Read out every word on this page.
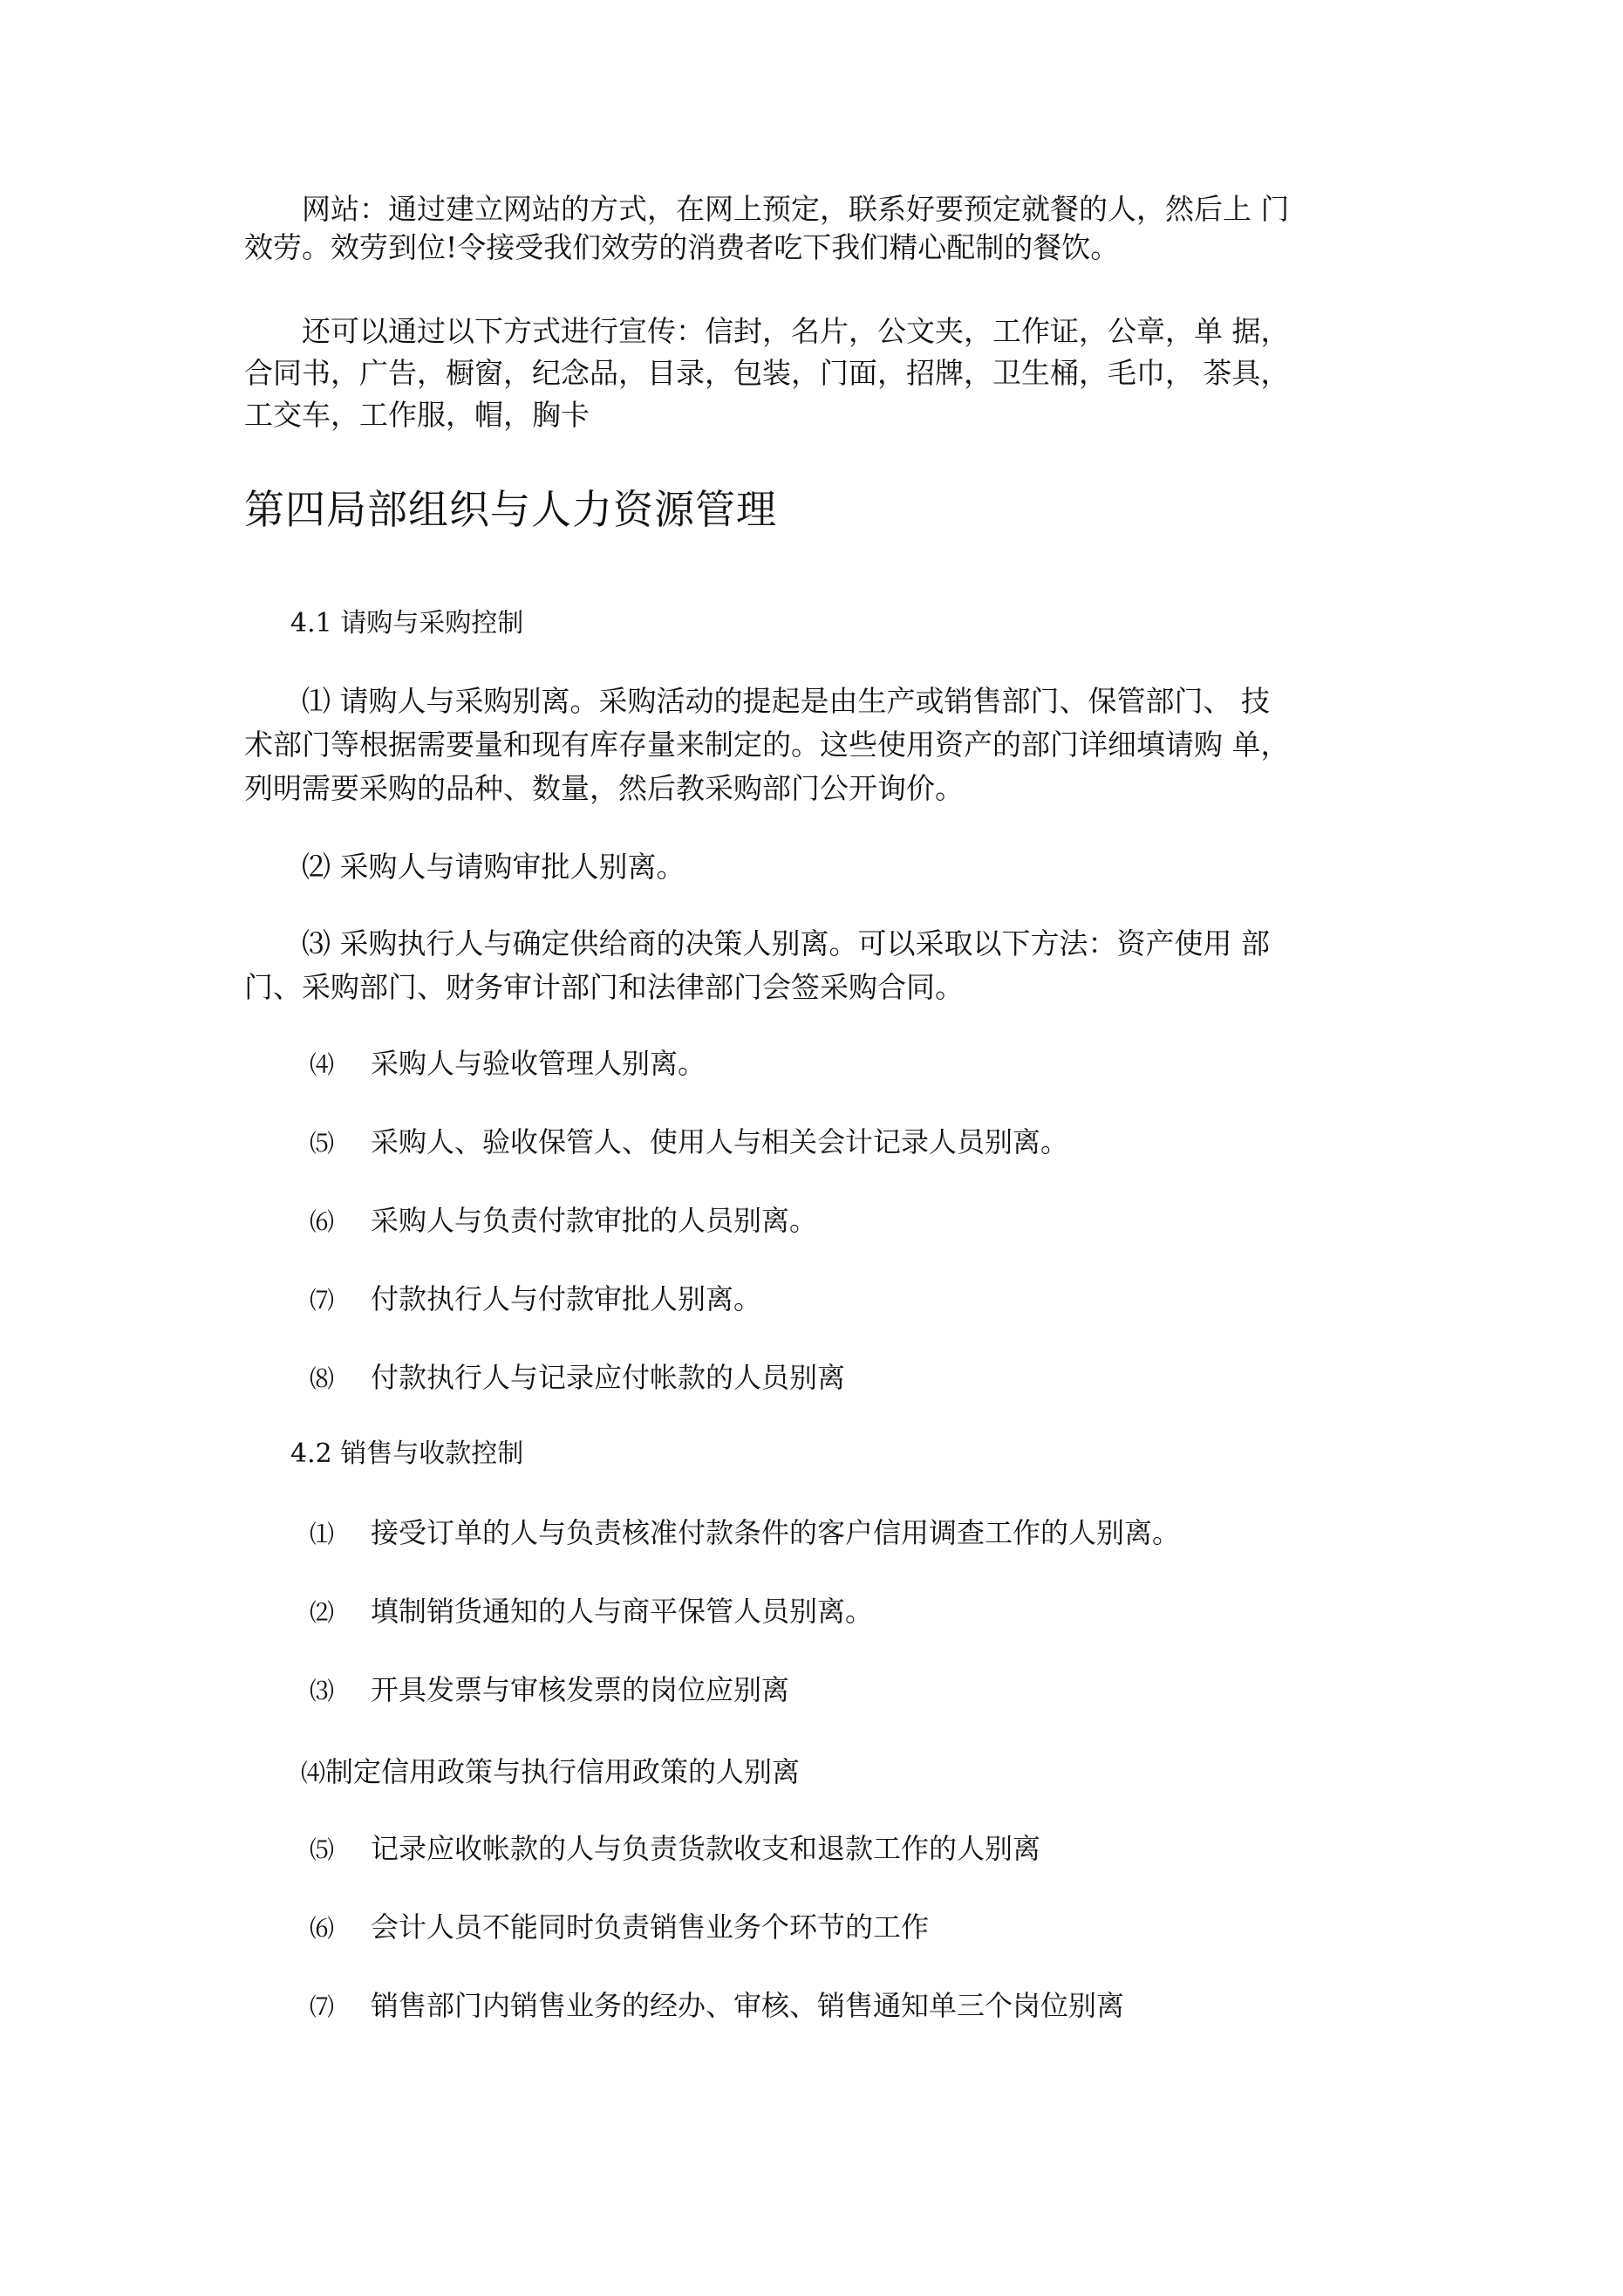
　　网站：通过建立网站的方式，在网上预定，联系好要预定就餐的人，然后上 门
效劳。效劳到位!令接受我们效劳的消费者吃下我们精心配制的餐饮。
　　还可以通过以下方式进行宣传：信封，名片，公文夹，工作证，公章，单 据，
合同书，广告，橱窗，纪念品，目录，包装，门面，招牌，卫生桶，毛巾， 茶具，
工交车，工作服，帽，胸卡
第四局部组织与人力资源管理
4.1 请购与采购控制
　　⑴ 请购人与采购别离。采购活动的提起是由生产或销售部门、保管部门、 技
术部门等根据需要量和现有库存量来制定的。这些使用资产的部门详细填请购 单，
列明需要采购的品种、数量，然后教采购部门公开询价。
　　⑵ 采购人与请购审批人别离。
　　⑶ 采购执行人与确定供给商的决策人别离。可以采取以下方法：资产使用 部
门、采购部门、财务审计部门和法律部门会签采购合同。
⑷ 采购人与验收管理人别离。
⑸ 采购人、验收保管人、使用人与相关会计记录人员别离。
⑹ 采购人与负责付款审批的人员别离。
⑺ 付款执行人与付款审批人别离。
⑻ 付款执行人与记录应付帐款的人员别离
4.2 销售与收款控制
⑴ 接受订单的人与负责核准付款条件的客户信用调查工作的人别离。
⑵ 填制销货通知的人与商平保管人员别离。
⑶ 开具发票与审核发票的岗位应别离
⑷制定信用政策与执行信用政策的人别离
⑸ 记录应收帐款的人与负责货款收支和退款工作的人别离
⑹ 会计人员不能同时负责销售业务个环节的工作
⑺ 销售部门内销售业务的经办、审核、销售通知单三个岗位别离
